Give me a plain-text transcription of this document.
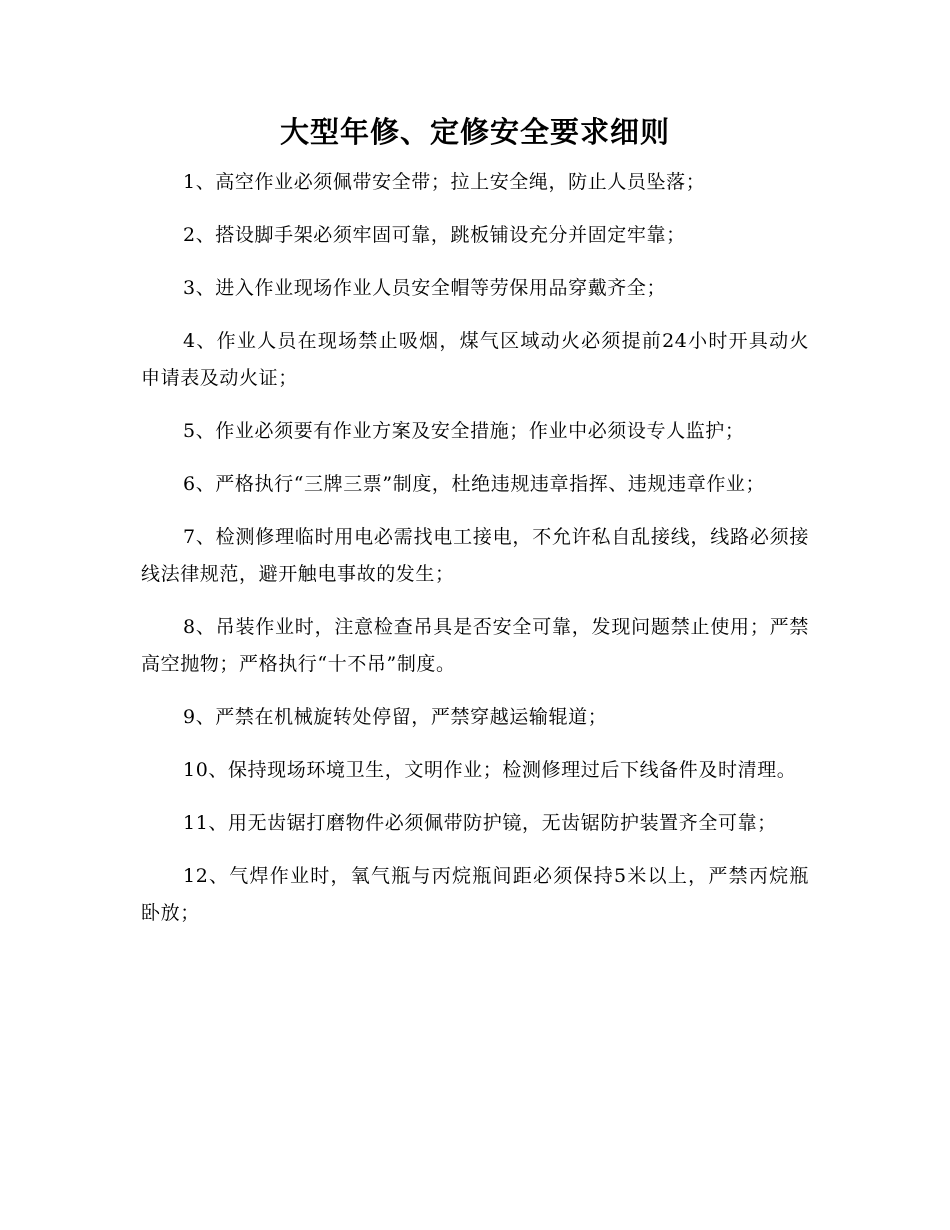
大型年修、定修安全要求细则

1、高空作业必须佩带安全带；拉上安全绳，防止人员坠落；

2、搭设脚手架必须牢固可靠，跳板铺设充分并固定牢靠；

3、进入作业现场作业人员安全帽等劳保用品穿戴齐全；

4、作业人员在现场禁止吸烟，煤气区域动火必须提前24小时开具动火申请表及动火证；

5、作业必须要有作业方案及安全措施；作业中必须设专人监护；

6、严格执行“三牌三票”制度，杜绝违规违章指挥、违规违章作业；

7、检测修理临时用电必需找电工接电，不允许私自乱接线，线路必须接线法律规范，避开触电事故的发生；

8、吊装作业时，注意检查吊具是否安全可靠，发现问题禁止使用；严禁高空抛物；严格执行“十不吊”制度。

9、严禁在机械旋转处停留，严禁穿越运输辊道；

10、保持现场环境卫生，文明作业；检测修理过后下线备件及时清理。

11、用无齿锯打磨物件必须佩带防护镜，无齿锯防护装置齐全可靠；

12、气焊作业时，氧气瓶与丙烷瓶间距必须保持5米以上，严禁丙烷瓶卧放；
